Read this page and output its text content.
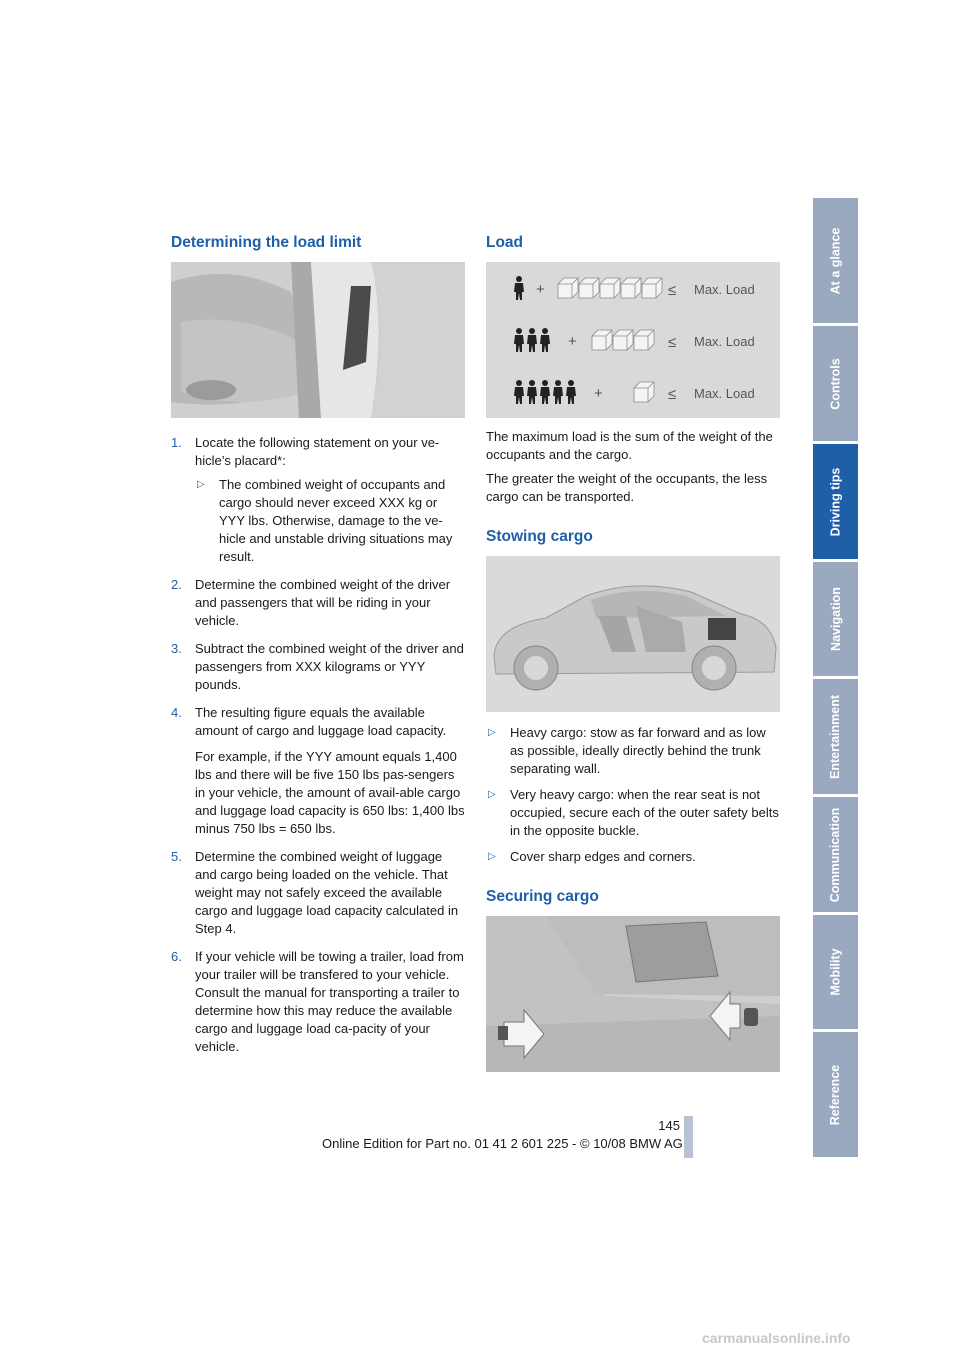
Determining the load limit
1. Locate the following statement on your ve-hicle’s placard*:
▷ The combined weight of occupants and cargo should never exceed XXX kg or YYY lbs. Otherwise, damage to the ve-hicle and unstable driving situations may result.
2. Determine the combined weight of the driver and passengers that will be riding in your vehicle.
3. Subtract the combined weight of the driver and passengers from XXX kilograms or YYY pounds.
4. The resulting figure equals the available amount of cargo and luggage load capacity.
For example, if the YYY amount equals 1,400 lbs and there will be five 150 lbs pas-sengers in your vehicle, the amount of avail-able cargo and luggage load capacity is 650 lbs: 1,400 lbs minus 750 lbs = 650 lbs.
5. Determine the combined weight of luggage and cargo being loaded on the vehicle. That weight may not safely exceed the available cargo and luggage load capacity calculated in Step 4.
6. If your vehicle will be towing a trailer, load from your trailer will be transfered to your vehicle. Consult the manual for transporting a trailer to determine how this may reduce the available cargo and luggage load ca-pacity of your vehicle.
Load
+	≤ Max. Load
+	≤ Max. Load
+	≤ Max. Load

The maximum load is the sum of the weight of the occupants and the cargo.

The greater the weight of the occupants, the less cargo can be transported.

Stowing cargo
▷ Heavy cargo: stow as far forward and as low as possible, ideally directly behind the trunk separating wall.
▷ Very heavy cargo: when the rear seat is not occupied, secure each of the outer safety belts in the opposite buckle.
▷ Cover sharp edges and corners.
Securing cargo
At a glance
Controls
Driving tips
Navigation
Entertainment
Communication
Mobility
Reference
145
Online Edition for Part no. 01 41 2 601 225 - © 10/08 BMW AG
carmanualsonline.info
